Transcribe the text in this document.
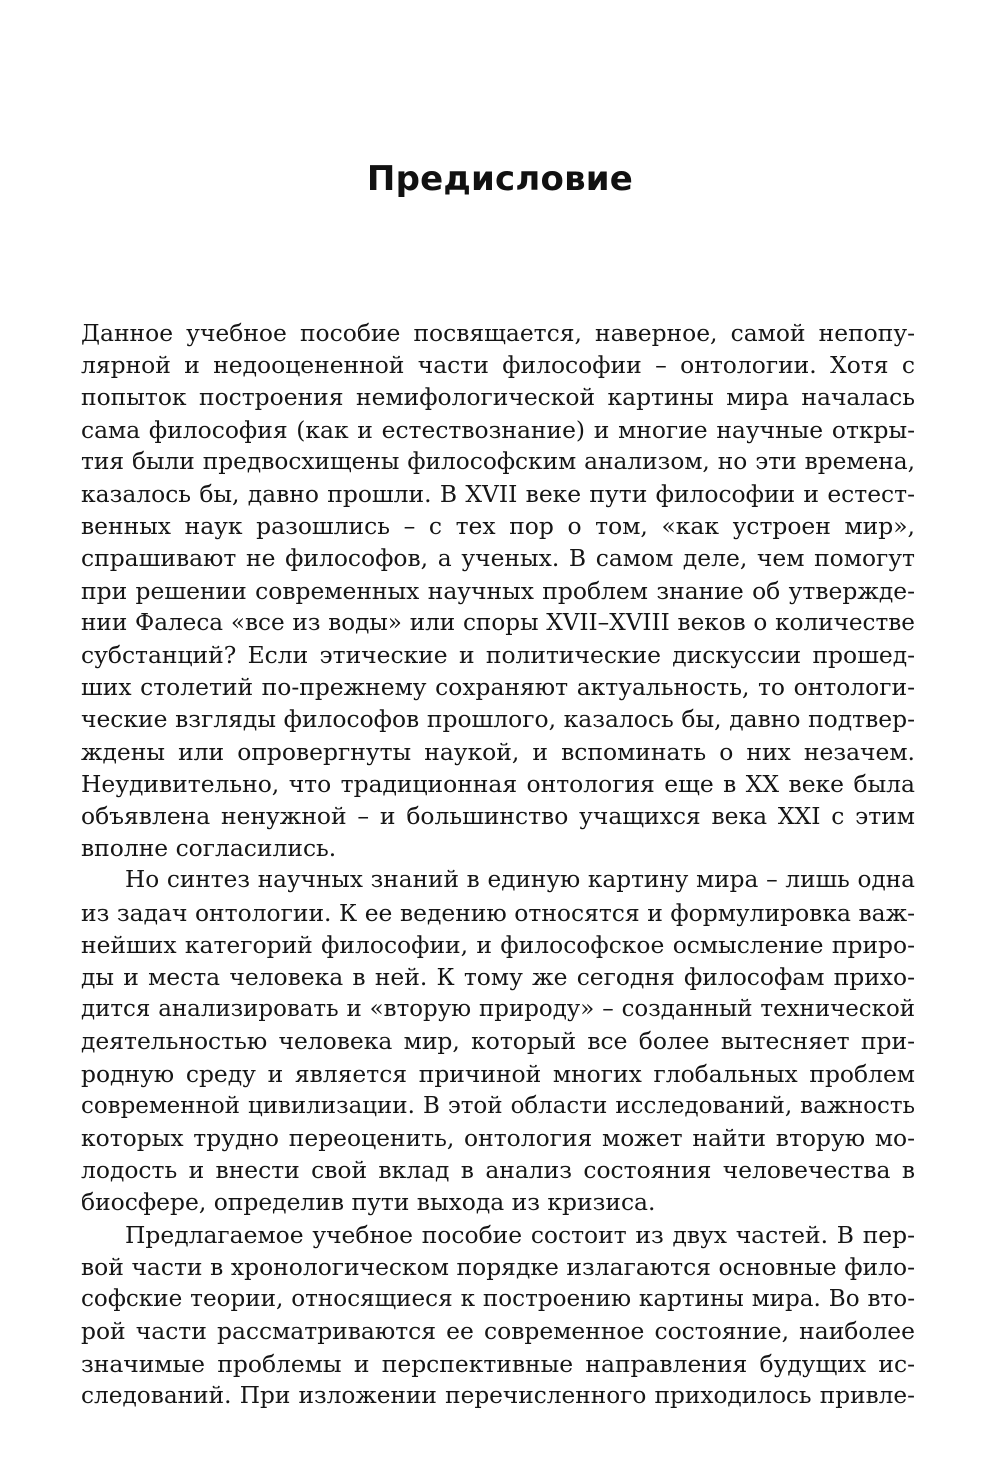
Предисловие

Данное учебное пособие посвящается, наверное, самой непопу-
лярной и недооцененной части философии – онтологии. Хотя с
попыток построения немифологической картины мира началась
сама философия (как и естествознание) и многие научные откры-
тия были предвосхищены философским анализом, но эти времена,
казалось бы, давно прошли. В XVII веке пути философии и естест-
венных наук разошлись – с тех пор о том, «как устроен мир»,
спрашивают не философов, а ученых. В самом деле, чем помогут
при решении современных научных проблем знание об утвержде-
нии Фалеса «все из воды» или споры XVII–XVIII веков о количестве
субстанций? Если этические и политические дискуссии прошед-
ших столетий по-прежнему сохраняют актуальность, то онтологи-
ческие взгляды философов прошлого, казалось бы, давно подтвер-
ждены или опровергнуты наукой, и вспоминать о них незачем.
Неудивительно, что традиционная онтология еще в XX веке была
объявлена ненужной – и большинство учащихся века XXI с этим
вполне согласились.

Но синтез научных знаний в единую картину мира – лишь одна
из задач онтологии. К ее ведению относятся и формулировка важ-
нейших категорий философии, и философское осмысление приро-
ды и места человека в ней. К тому же сегодня философам прихо-
дится анализировать и «вторую природу» – созданный технической
деятельностью человека мир, который все более вытесняет при-
родную среду и является причиной многих глобальных проблем
современной цивилизации. В этой области исследований, важность
которых трудно переоценить, онтология может найти вторую мо-
лодость и внести свой вклад в анализ состояния человечества в
биосфере, определив пути выхода из кризиса.

Предлагаемое учебное пособие состоит из двух частей. В пер-
вой части в хронологическом порядке излагаются основные фило-
софские теории, относящиеся к построению картины мира. Во вто-
рой части рассматриваются ее современное состояние, наиболее
значимые проблемы и перспективные направления будущих ис-
следований. При изложении перечисленного приходилось привле-
